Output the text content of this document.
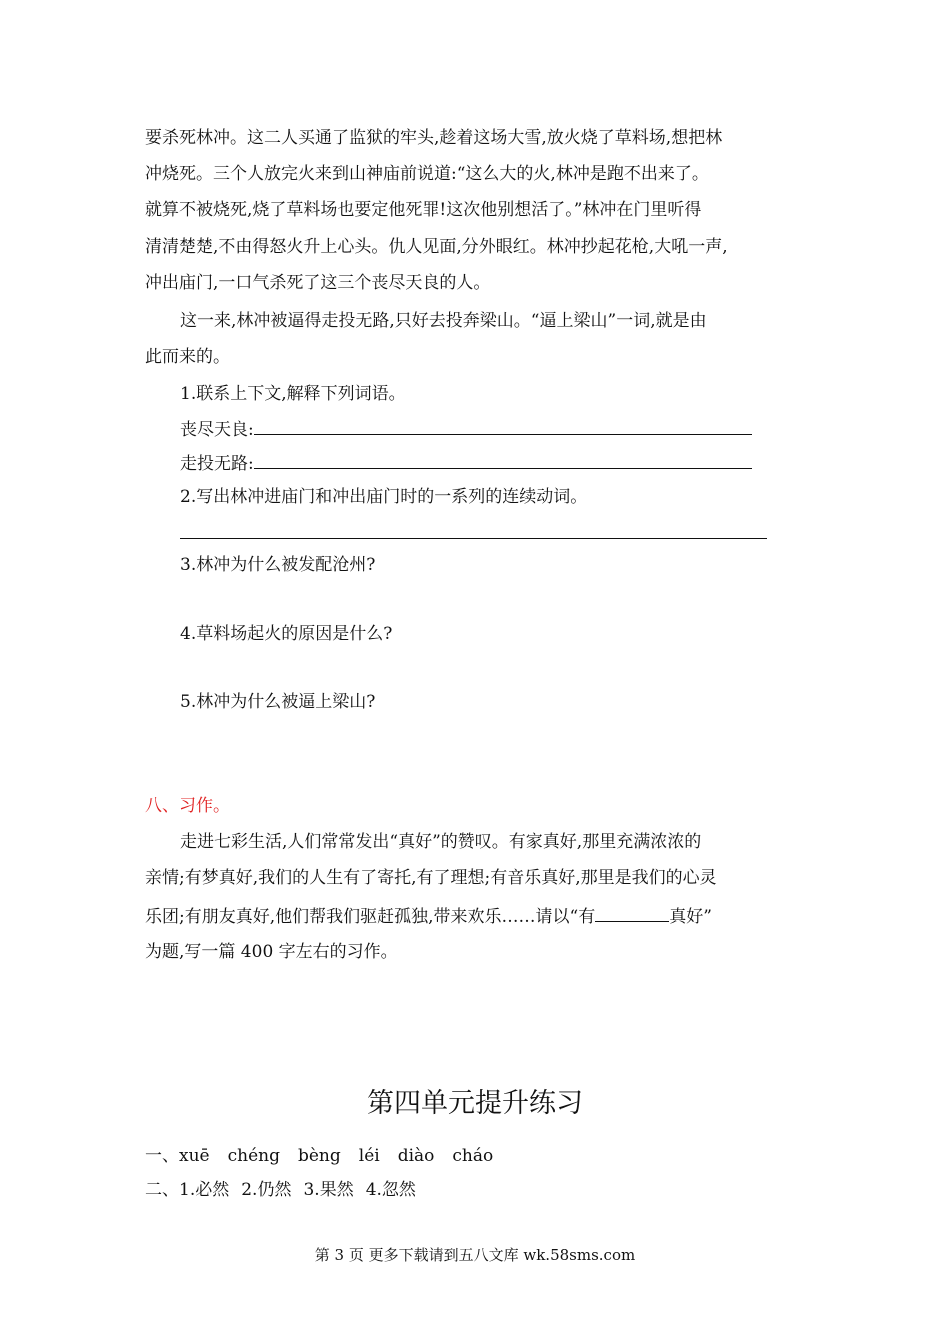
要杀死林冲。这二人买通了监狱的牢头,趁着这场大雪,放火烧了草料场,想把林
冲烧死。三个人放完火来到山神庙前说道:“这么大的火,林冲是跑不出来了。
就算不被烧死,烧了草料场也要定他死罪!这次他别想活了。”林冲在门里听得
清清楚楚,不由得怒火升上心头。仇人见面,分外眼红。林冲抄起花枪,大吼一声,
冲出庙门,一口气杀死了这三个丧尽天良的人。
这一来,林冲被逼得走投无路,只好去投奔梁山。“逼上梁山”一词,就是由
此而来的。
1.联系上下文,解释下列词语。
丧尽天良:
走投无路:
2.写出林冲进庙门和冲出庙门时的一系列的连续动词。
3.林冲为什么被发配沧州?
4.草料场起火的原因是什么?
5.林冲为什么被逼上梁山?
八、习作。
走进七彩生活,人们常常发出“真好”的赞叹。有家真好,那里充满浓浓的
亲情;有梦真好,我们的人生有了寄托,有了理想;有音乐真好,那里是我们的心灵
乐团;有朋友真好,他们帮我们驱赶孤独,带来欢乐……请以“有	真好”
为题,写一篇 400 字左右的习作。
第四单元提升练习
一、xuē chéng bèng léi diào cháo
二、1.必然 2.仍然 3.果然 4.忽然
第 3 页 更多下载请到五八文库 wk.58sms.com
